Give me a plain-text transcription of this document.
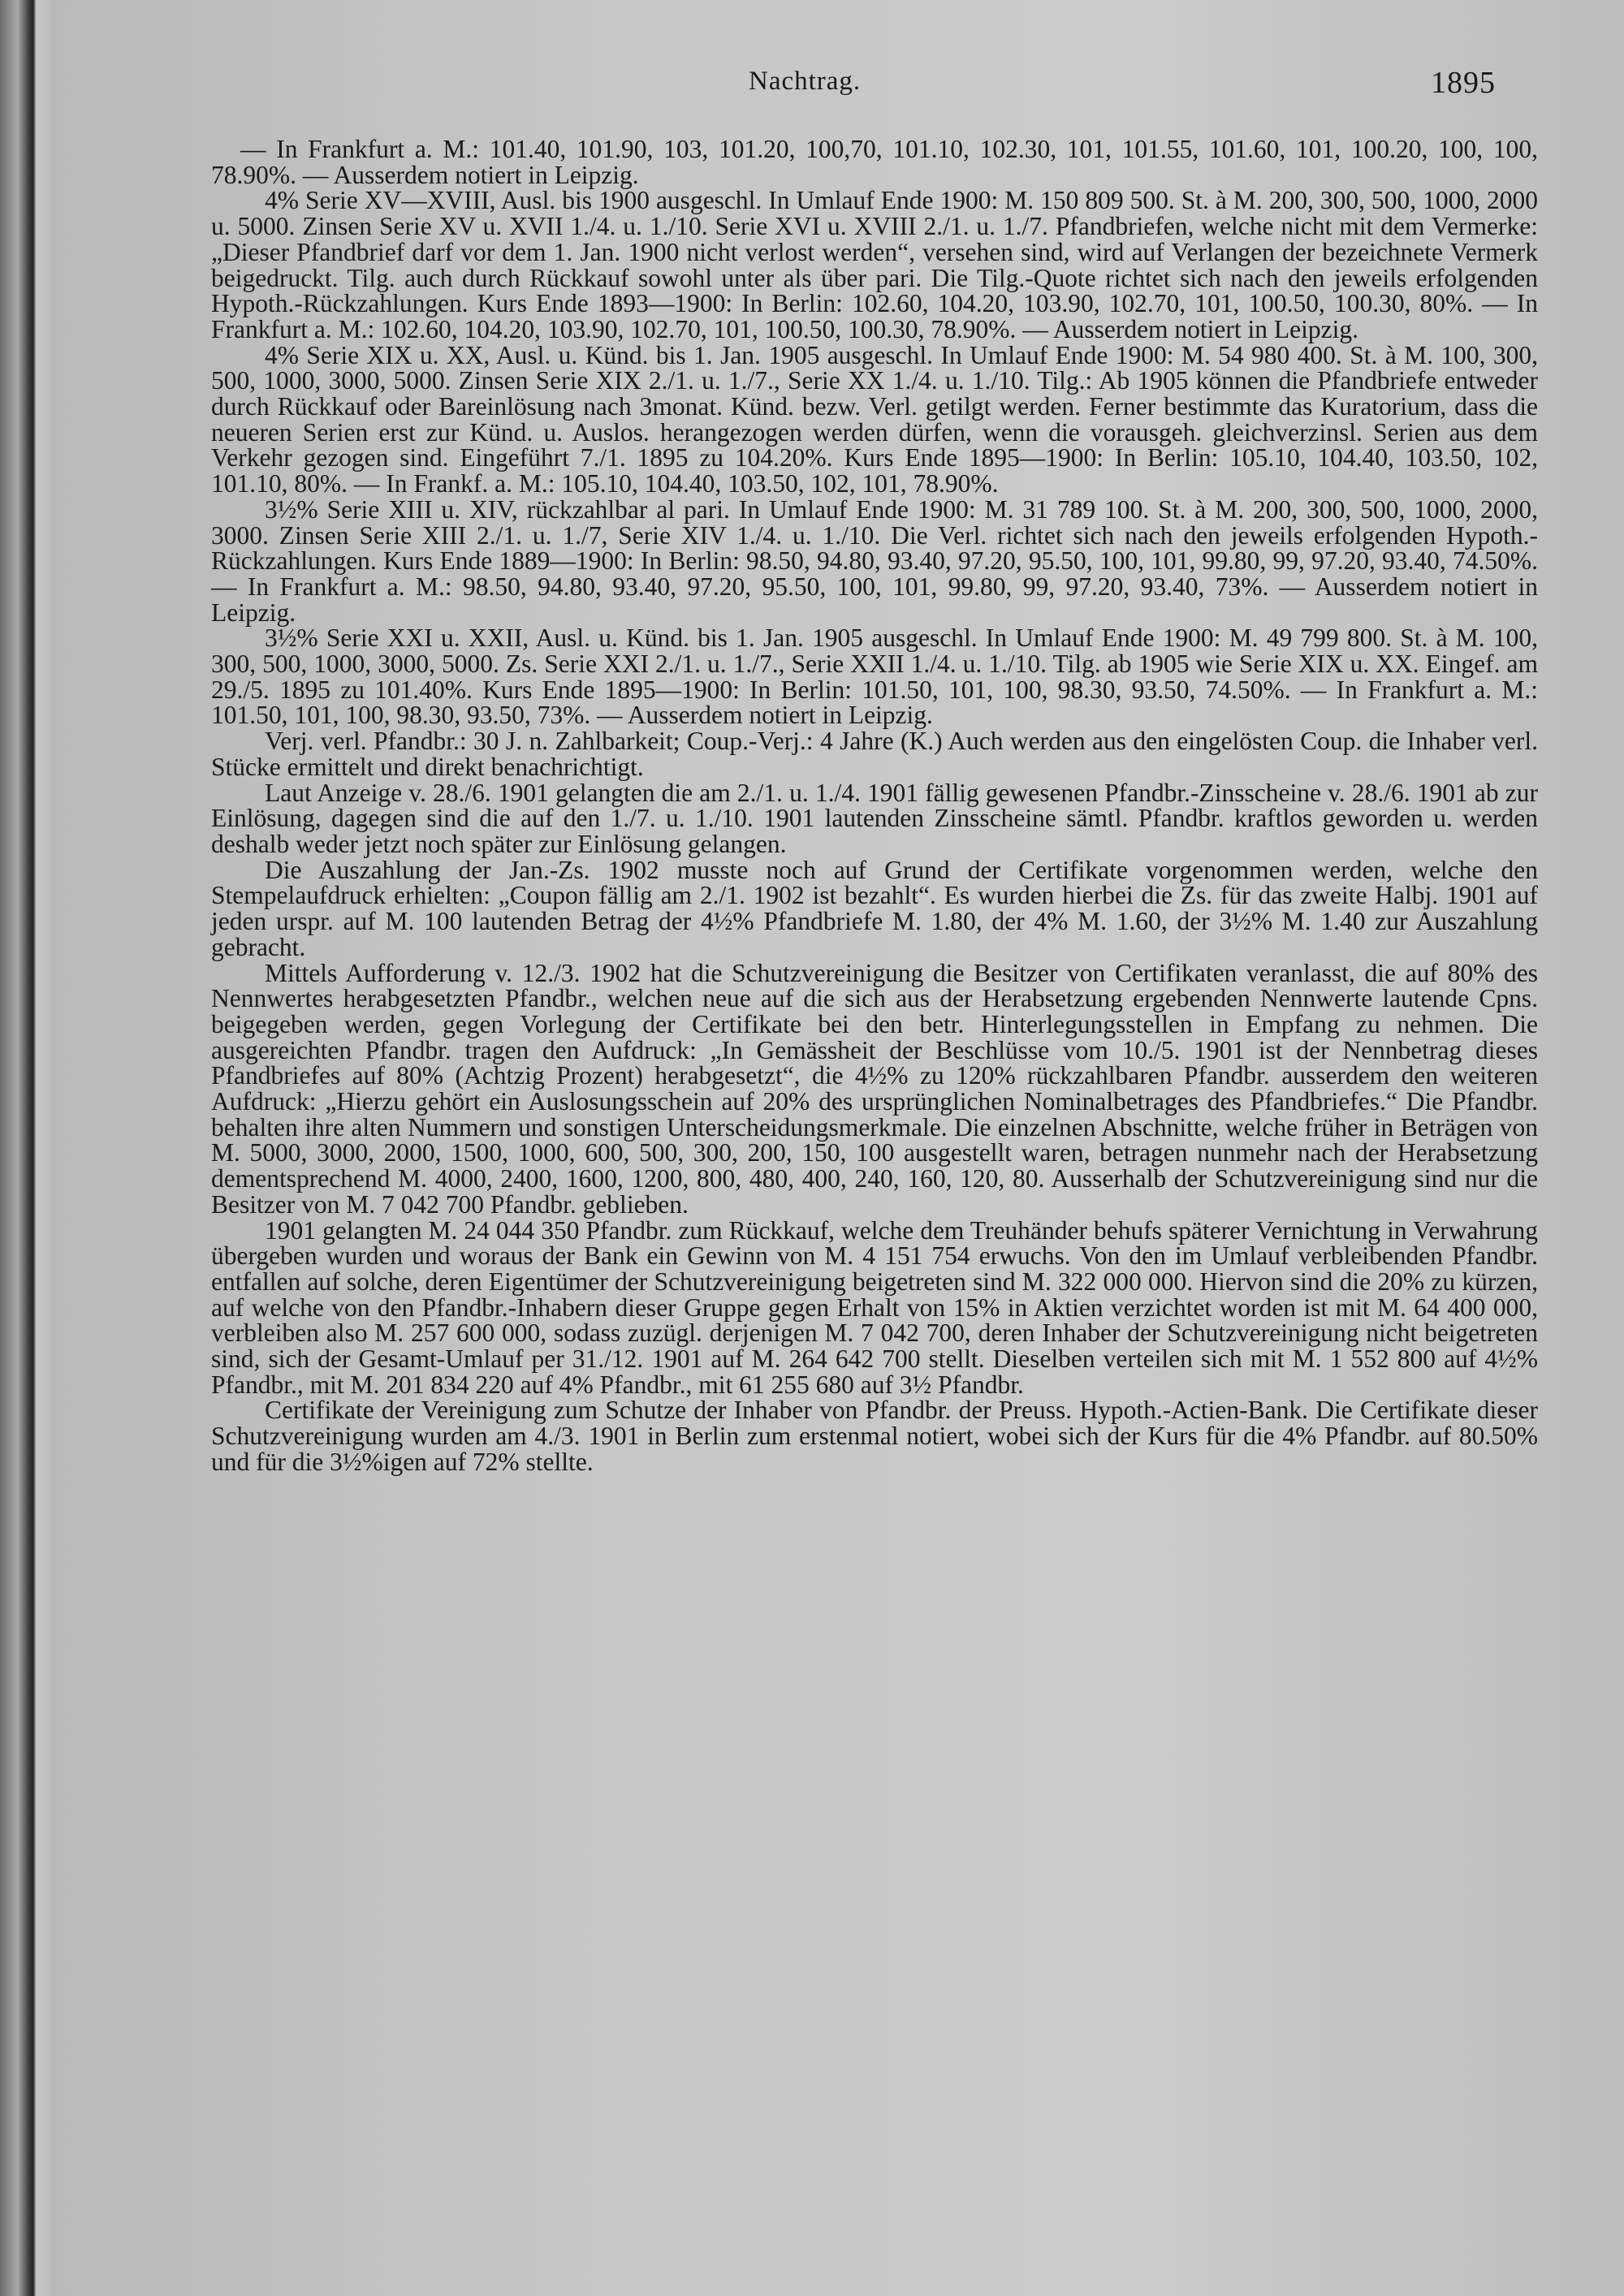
Nachtrag.	1895

— In Frankfurt a. M.: 101.40, 101.90, 103, 101.20, 100,70, 101.10, 102.30, 101, 101.55, 101.60, 101, 100.20, 100, 100, 78.90%. — Ausserdem notiert in Leipzig.

4% Serie XV—XVIII, Ausl. bis 1900 ausgeschl. In Umlauf Ende 1900: M. 150 809 500. St. à M. 200, 300, 500, 1000, 2000 u. 5000. Zinsen Serie XV u. XVII 1./4. u. 1./10. Serie XVI u. XVIII 2./1. u. 1./7. Pfandbriefen, welche nicht mit dem Vermerke: „Dieser Pfandbrief darf vor dem 1. Jan. 1900 nicht verlost werden“, versehen sind, wird auf Verlangen der bezeichnete Vermerk beigedruckt. Tilg. auch durch Rückkauf sowohl unter als über pari. Die Tilg.-Quote richtet sich nach den jeweils erfolgenden Hypoth.-Rückzahlungen. Kurs Ende 1893—1900: In Berlin: 102.60, 104.20, 103.90, 102.70, 101, 100.50, 100.30, 80%. — In Frankfurt a. M.: 102.60, 104.20, 103.90, 102.70, 101, 100.50, 100.30, 78.90%. — Ausserdem notiert in Leipzig.

4% Serie XIX u. XX, Ausl. u. Künd. bis 1. Jan. 1905 ausgeschl. In Umlauf Ende 1900: M. 54 980 400. St. à M. 100, 300, 500, 1000, 3000, 5000. Zinsen Serie XIX 2./1. u. 1./7., Serie XX 1./4. u. 1./10. Tilg.: Ab 1905 können die Pfandbriefe entweder durch Rückkauf oder Bareinlösung nach 3monat. Künd. bezw. Verl. getilgt werden. Ferner bestimmte das Kuratorium, dass die neueren Serien erst zur Künd. u. Auslos. herangezogen werden dürfen, wenn die vorausgeh. gleichverzinsl. Serien aus dem Verkehr gezogen sind. Eingeführt 7./1. 1895 zu 104.20%. Kurs Ende 1895—1900: In Berlin: 105.10, 104.40, 103.50, 102, 101.10, 80%. — In Frankf. a. M.: 105.10, 104.40, 103.50, 102, 101, 78.90%.

3½% Serie XIII u. XIV, rückzahlbar al pari. In Umlauf Ende 1900: M. 31 789 100. St. à M. 200, 300, 500, 1000, 2000, 3000. Zinsen Serie XIII 2./1. u. 1./7, Serie XIV 1./4. u. 1./10. Die Verl. richtet sich nach den jeweils erfolgenden Hypoth.-Rückzahlungen. Kurs Ende 1889—1900: In Berlin: 98.50, 94.80, 93.40, 97.20, 95.50, 100, 101, 99.80, 99, 97.20, 93.40, 74.50%. — In Frankfurt a. M.: 98.50, 94.80, 93.40, 97.20, 95.50, 100, 101, 99.80, 99, 97.20, 93.40, 73%. — Ausserdem notiert in Leipzig.

3½% Serie XXI u. XXII, Ausl. u. Künd. bis 1. Jan. 1905 ausgeschl. In Umlauf Ende 1900: M. 49 799 800. St. à M. 100, 300, 500, 1000, 3000, 5000. Zs. Serie XXI 2./1. u. 1./7., Serie XXII 1./4. u. 1./10. Tilg. ab 1905 wie Serie XIX u. XX. Eingef. am 29./5. 1895 zu 101.40%. Kurs Ende 1895—1900: In Berlin: 101.50, 101, 100, 98.30, 93.50, 74.50%. — In Frankfurt a. M.: 101.50, 101, 100, 98.30, 93.50, 73%. — Ausserdem notiert in Leipzig.

Verj. verl. Pfandbr.: 30 J. n. Zahlbarkeit; Coup.-Verj.: 4 Jahre (K.) Auch werden aus den eingelösten Coup. die Inhaber verl. Stücke ermittelt und direkt benachrichtigt.

Laut Anzeige v. 28./6. 1901 gelangten die am 2./1. u. 1./4. 1901 fällig gewesenen Pfandbr.-Zinsscheine v. 28./6. 1901 ab zur Einlösung, dagegen sind die auf den 1./7. u. 1./10. 1901 lautenden Zinsscheine sämtl. Pfandbr. kraftlos geworden u. werden deshalb weder jetzt noch später zur Einlösung gelangen.

Die Auszahlung der Jan.-Zs. 1902 musste noch auf Grund der Certifikate vorgenommen werden, welche den Stempelaufdruck erhielten: „Coupon fällig am 2./1. 1902 ist bezahlt“. Es wurden hierbei die Zs. für das zweite Halbj. 1901 auf jeden urspr. auf M. 100 lautenden Betrag der 4½% Pfandbriefe M. 1.80, der 4% M. 1.60, der 3½% M. 1.40 zur Auszahlung gebracht.

Mittels Aufforderung v. 12./3. 1902 hat die Schutzvereinigung die Besitzer von Certifikaten veranlasst, die auf 80% des Nennwertes herabgesetzten Pfandbr., welchen neue auf die sich aus der Herabsetzung ergebenden Nennwerte lautende Cpns. beigegeben werden, gegen Vorlegung der Certifikate bei den betr. Hinterlegungsstellen in Empfang zu nehmen. Die ausgereichten Pfandbr. tragen den Aufdruck: „In Gemässheit der Beschlüsse vom 10./5. 1901 ist der Nennbetrag dieses Pfandbriefes auf 80% (Achtzig Prozent) herabgesetzt“, die 4½% zu 120% rückzahlbaren Pfandbr. ausserdem den weiteren Aufdruck: „Hierzu gehört ein Auslosungsschein auf 20% des ursprünglichen Nominalbetrages des Pfandbriefes.“ Die Pfandbr. behalten ihre alten Nummern und sonstigen Unterscheidungsmerkmale. Die einzelnen Abschnitte, welche früher in Beträgen von M. 5000, 3000, 2000, 1500, 1000, 600, 500, 300, 200, 150, 100 ausgestellt waren, betragen nunmehr nach der Herabsetzung dementsprechend M. 4000, 2400, 1600, 1200, 800, 480, 400, 240, 160, 120, 80. Ausserhalb der Schutzvereinigung sind nur die Besitzer von M. 7 042 700 Pfandbr. geblieben.

1901 gelangten M. 24 044 350 Pfandbr. zum Rückkauf, welche dem Treuhänder behufs späterer Vernichtung in Verwahrung übergeben wurden und woraus der Bank ein Gewinn von M. 4 151 754 erwuchs. Von den im Umlauf verbleibenden Pfandbr. entfallen auf solche, deren Eigentümer der Schutzvereinigung beigetreten sind M. 322 000 000. Hiervon sind die 20% zu kürzen, auf welche von den Pfandbr.-Inhabern dieser Gruppe gegen Erhalt von 15% in Aktien verzichtet worden ist mit M. 64 400 000, verbleiben also M. 257 600 000, sodass zuzügl. derjenigen M. 7 042 700, deren Inhaber der Schutzvereinigung nicht beigetreten sind, sich der Gesamt-Umlauf per 31./12. 1901 auf M. 264 642 700 stellt. Dieselben verteilen sich mit M. 1 552 800 auf 4½% Pfandbr., mit M. 201 834 220 auf 4% Pfandbr., mit 61 255 680 auf 3½ Pfandbr.

Certifikate der Vereinigung zum Schutze der Inhaber von Pfandbr. der Preuss. Hypoth.-Actien-Bank. Die Certifikate dieser Schutzvereinigung wurden am 4./3. 1901 in Berlin zum erstenmal notiert, wobei sich der Kurs für die 4% Pfandbr. auf 80.50% und für die 3½%igen auf 72% stellte.
